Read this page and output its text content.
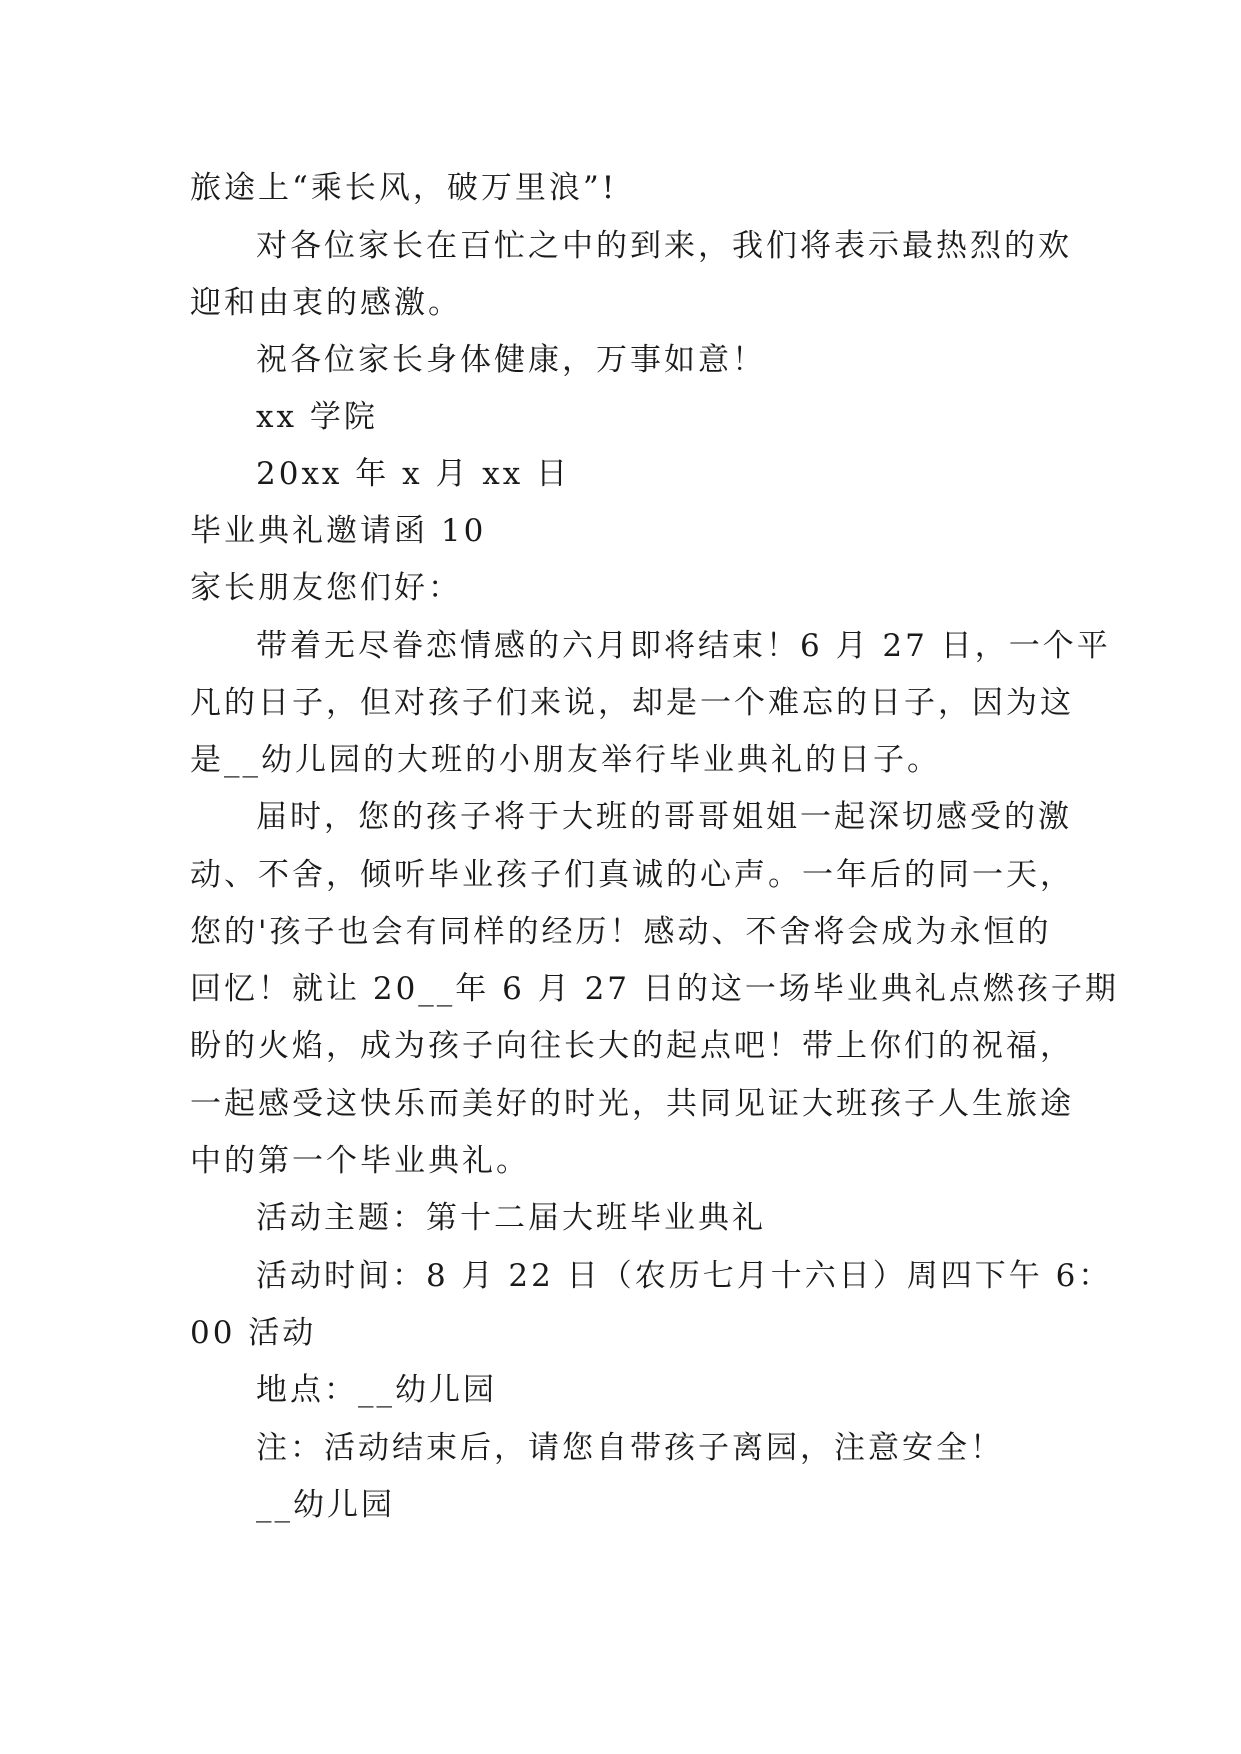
旅途上“乘长风，破万里浪”!
对各位家长在百忙之中的到来，我们将表示最热烈的欢
迎和由衷的感激。
祝各位家长身体健康，万事如意！
xx 学院
20xx 年 x 月 xx 日
毕业典礼邀请函 10
家长朋友您们好：
带着无尽眷恋情感的六月即将结束！6 月 27 日，一个平
凡的日子，但对孩子们来说，却是一个难忘的日子，因为这
是__幼儿园的大班的小朋友举行毕业典礼的日子。
届时，您的孩子将于大班的哥哥姐姐一起深切感受的激
动、不舍，倾听毕业孩子们真诚的心声。一年后的同一天，
您的'孩子也会有同样的经历！感动、不舍将会成为永恒的
回忆！就让 20__年 6 月 27 日的这一场毕业典礼点燃孩子期
盼的火焰，成为孩子向往长大的起点吧！带上你们的祝福，
一起感受这快乐而美好的时光，共同见证大班孩子人生旅途
中的第一个毕业典礼。
活动主题：第十二届大班毕业典礼
活动时间：8 月 22 日（农历七月十六日）周四下午 6：
00 活动
地点：__幼儿园
注：活动结束后，请您自带孩子离园，注意安全！
__幼儿园
